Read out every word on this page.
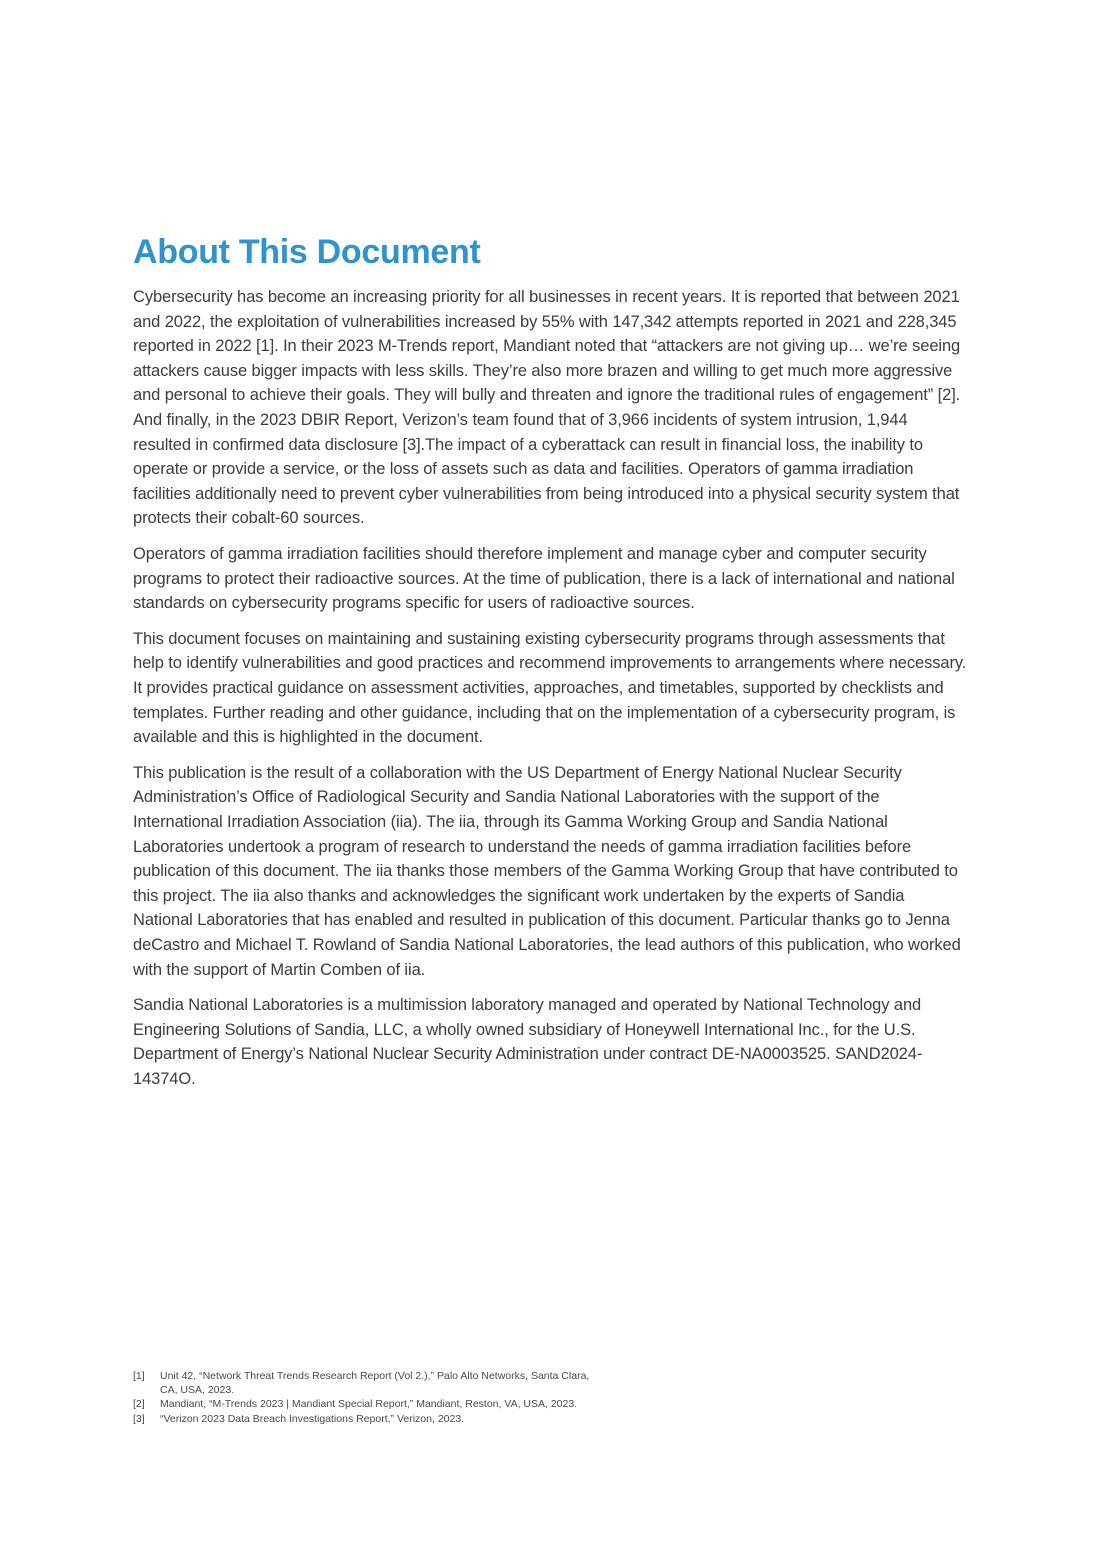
About This Document

Cybersecurity has become an increasing priority for all businesses in recent years. It is reported that between 2021 and 2022, the exploitation of vulnerabilities increased by 55% with 147,342 attempts reported in 2021 and 228,345 reported in 2022 [1]. In their 2023 M-Trends report, Mandiant noted that “attackers are not giving up… we’re seeing attackers cause bigger impacts with less skills. They’re also more brazen and willing to get much more aggressive and personal to achieve their goals. They will bully and threaten and ignore the traditional rules of engagement” [2]. And finally, in the 2023 DBIR Report, Verizon’s team found that of 3,966 incidents of system intrusion, 1,944 resulted in confirmed data disclosure [3].The impact of a cyberattack can result in financial loss, the inability to operate or provide a service, or the loss of assets such as data and facilities. Operators of gamma irradiation facilities additionally need to prevent cyber vulnerabilities from being introduced into a physical security system that protects their cobalt-60 sources.

Operators of gamma irradiation facilities should therefore implement and manage cyber and computer security programs to protect their radioactive sources. At the time of publication, there is a lack of international and national standards on cybersecurity programs specific for users of radioactive sources.

This document focuses on maintaining and sustaining existing cybersecurity programs through assessments that help to identify vulnerabilities and good practices and recommend improvements to arrangements where necessary. It provides practical guidance on assessment activities, approaches, and timetables, supported by checklists and templates. Further reading and other guidance, including that on the implementation of a cybersecurity program, is available and this is highlighted in the document.

This publication is the result of a collaboration with the US Department of Energy National Nuclear Security Administration’s Office of Radiological Security and Sandia National Laboratories with the support of the International Irradiation Association (iia). The iia, through its Gamma Working Group and Sandia National Laboratories undertook a program of research to understand the needs of gamma irradiation facilities before publication of this document. The iia thanks those members of the Gamma Working Group that have contributed to this project. The iia also thanks and acknowledges the significant work undertaken by the experts of Sandia National Laboratories that has enabled and resulted in publication of this document. Particular thanks go to Jenna deCastro and Michael T. Rowland of Sandia National Laboratories, the lead authors of this publication, who worked with the support of Martin Comben of iia.

Sandia National Laboratories is a multimission laboratory managed and operated by National Technology and Engineering Solutions of Sandia, LLC, a wholly owned subsidiary of Honeywell International Inc., for the U.S. Department of Energy’s National Nuclear Security Administration under contract DE-NA0003525. SAND2024-14374O.

[1]	Unit 42, “Network Threat Trends Research Report (Vol 2.),” Palo Alto Networks, Santa Clara, CA, USA, 2023.
[2]	Mandiant, “M-Trends 2023 | Mandiant Special Report,” Mandiant, Reston, VA, USA, 2023.
[3]	“Verizon 2023 Data Breach Investigations Report,” Verizon, 2023.
